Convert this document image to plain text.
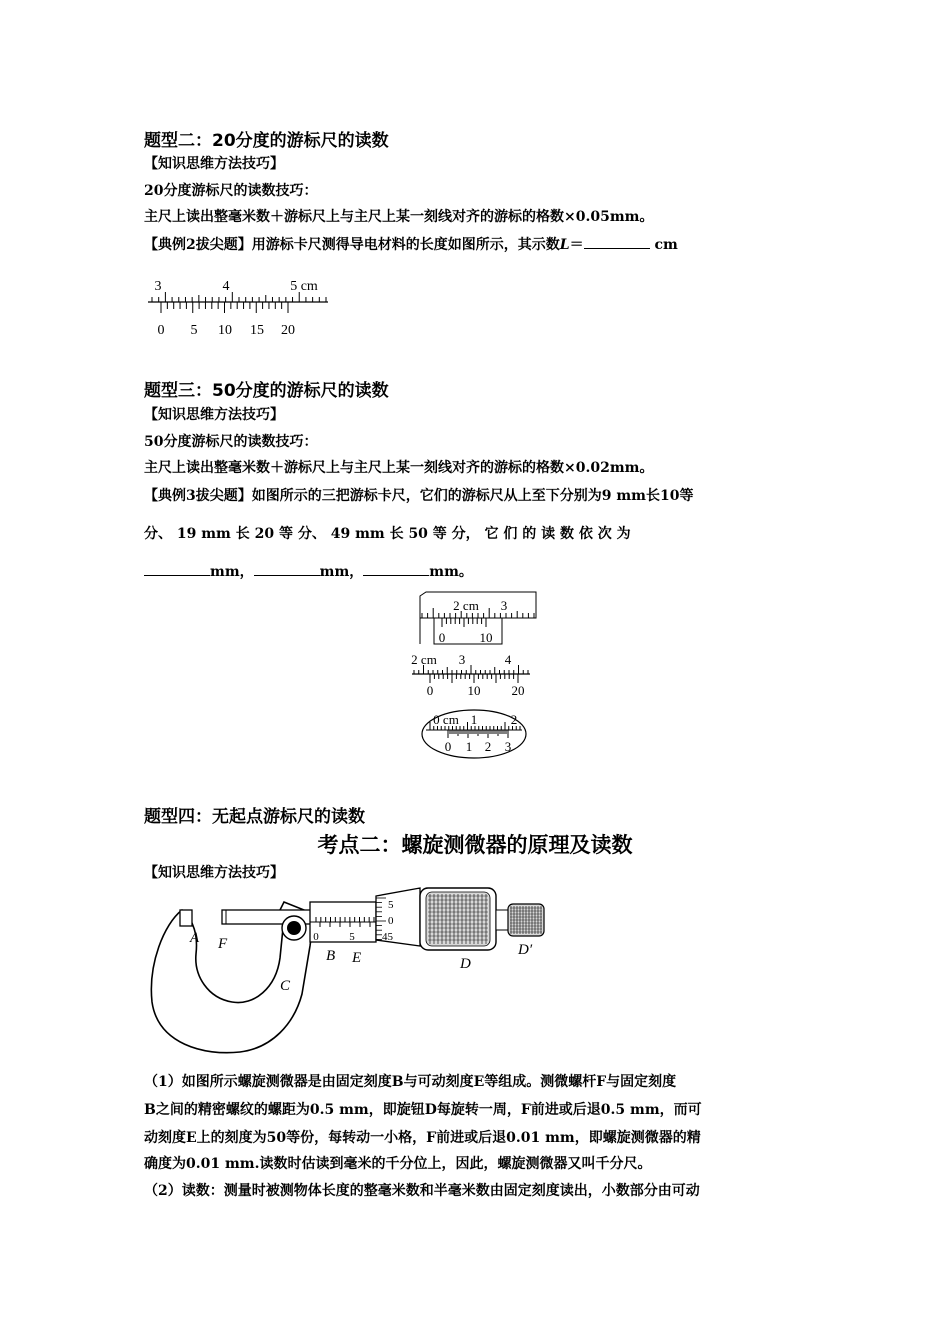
题型二：20分度的游标尺的读数
【知识思维方法技巧】
20分度游标尺的读数技巧：
主尺上读出整毫米数＋游标尺上与主尺上某一刻线对齐的游标的格数×0.05mm。
【典例2拔尖题】用游标卡尺测得导电材料的长度如图所示，其示数L＝	cm
3	4	5 cm
0 5 10 15 20
题型三：50分度的游标尺的读数
【知识思维方法技巧】
50分度游标尺的读数技巧：
主尺上读出整毫米数＋游标尺上与主尺上某一刻线对齐的游标的格数×0.02mm。
【典例3拔尖题】如图所示的三把游标卡尺，它们的游标尺从上至下分别为9 mm长10等
分、 19 mm 长 20 等 分、 49 mm 长 50 等 分， 它 们 的 读 数 依 次 为
mm，	mm，	mm。
2 cm 3
0	10
2 cm 3	4
0	10 20
0 cm 1	2
0 1 2 3
题型四：无起点游标尺的读数
考点二：螺旋测微器的原理及读数
【知识思维方法技巧】
0	5
5
0
45
A F
B E
C
D
D′
（1）如图所示螺旋测微器是由固定刻度B与可动刻度E等组成。测微螺杆F与固定刻度
B之间的精密螺纹的螺距为0.5 mm，即旋钮D每旋转一周，F前进或后退0.5 mm，而可
动刻度E上的刻度为50等份，每转动一小格，F前进或后退0.01 mm，即螺旋测微器的精
确度为0.01 mm.读数时估读到毫米的千分位上，因此，螺旋测微器又叫千分尺。
（2）读数：测量时被测物体长度的整毫米数和半毫米数由固定刻度读出，小数部分由可动
